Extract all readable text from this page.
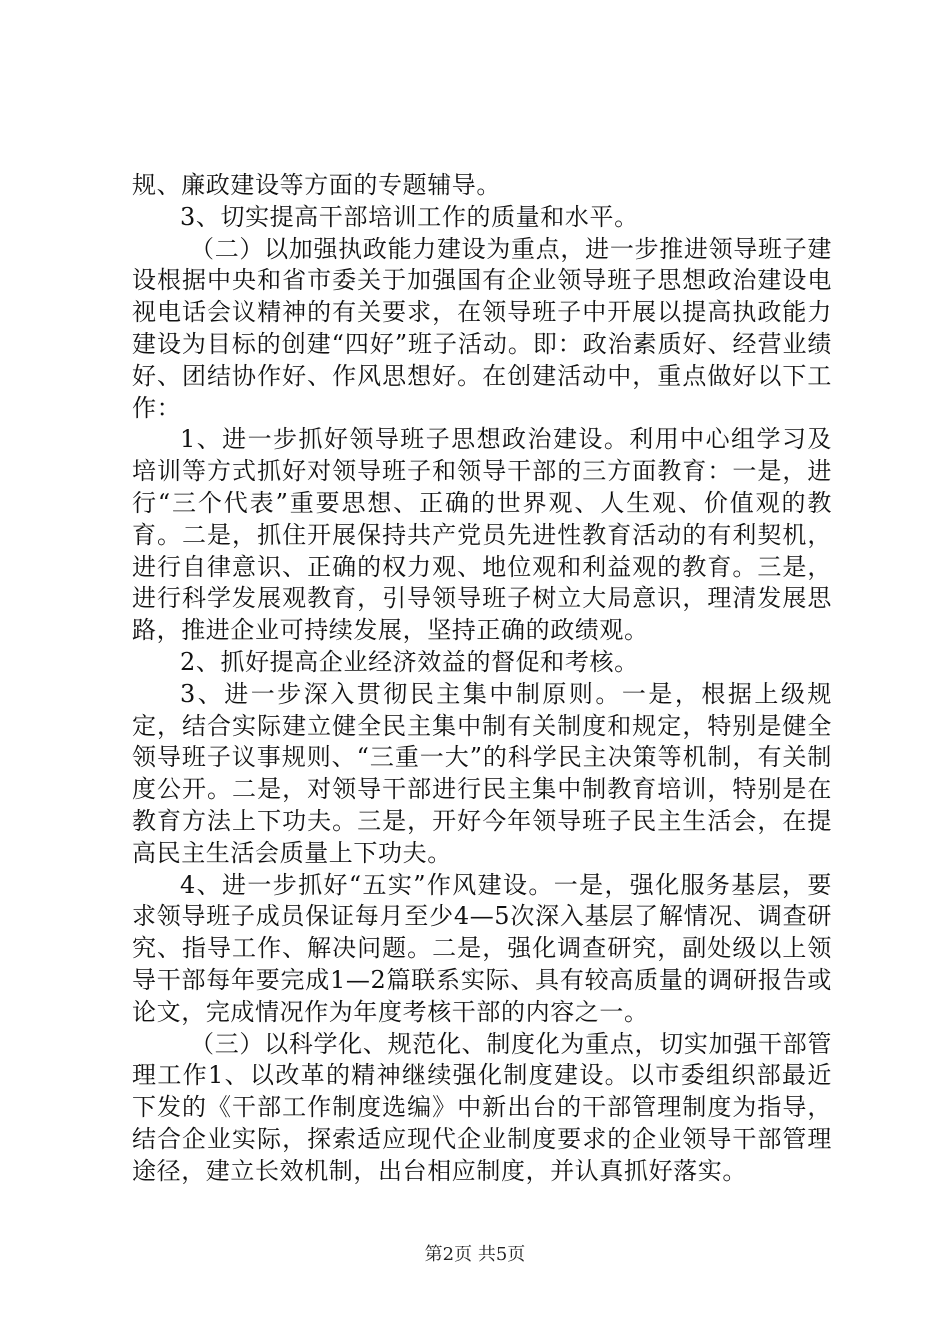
规、廉政建设等方面的专题辅导。

3、切实提高干部培训工作的质量和水平。

（二）以加强执政能力建设为重点，进一步推进领导班子建设根据中央和省市委关于加强国有企业领导班子思想政治建设电视电话会议精神的有关要求，在领导班子中开展以提高执政能力建设为目标的创建“四好”班子活动。即：政治素质好、经营业绩好、团结协作好、作风思想好。在创建活动中，重点做好以下工作：

1、进一步抓好领导班子思想政治建设。利用中心组学习及培训等方式抓好对领导班子和领导干部的三方面教育：一是，进行“三个代表”重要思想、正确的世界观、人生观、价值观的教育。二是，抓住开展保持共产党员先进性教育活动的有利契机，进行自律意识、正确的权力观、地位观和利益观的教育。三是，进行科学发展观教育，引导领导班子树立大局意识，理清发展思路，推进企业可持续发展，坚持正确的政绩观。

2、抓好提高企业经济效益的督促和考核。

3、进一步深入贯彻民主集中制原则。一是，根据上级规定，结合实际建立健全民主集中制有关制度和规定，特别是健全领导班子议事规则、“三重一大”的科学民主决策等机制，有关制度公开。二是，对领导干部进行民主集中制教育培训，特别是在教育方法上下功夫。三是，开好今年领导班子民主生活会，在提高民主生活会质量上下功夫。

4、进一步抓好“五实”作风建设。一是，强化服务基层，要求领导班子成员保证每月至少4—5次深入基层了解情况、调查研究、指导工作、解决问题。二是，强化调查研究，副处级以上领导干部每年要完成1—2篇联系实际、具有较高质量的调研报告或论文，完成情况作为年度考核干部的内容之一。

（三）以科学化、规范化、制度化为重点，切实加强干部管理工作1、以改革的精神继续强化制度建设。以市委组织部最近下发的《干部工作制度选编》中新出台的干部管理制度为指导，结合企业实际，探索适应现代企业制度要求的企业领导干部管理途径，建立长效机制，出台相应制度，并认真抓好落实。

第2页 共5页
